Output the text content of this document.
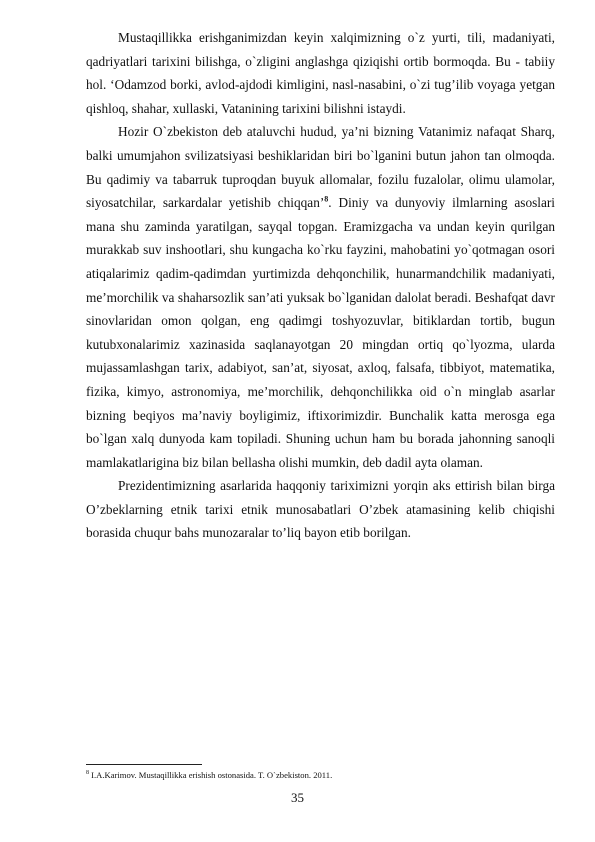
Mustaqillikka erishganimizdan keyin xalqimizning o`z yurti, tili, madaniyati, qadriyatlari tarixini bilishga, o`zligini anglashga qiziqishi ortib bormoqda. Bu - tabiiy hol. ‘Odamzod borki, avlod-ajdodi kimligini, nasl-nasabini, o`zi tug’ilib voyaga yetgan qishloq, shahar, xullaski, Vatanining tarixini bilishni istaydi.

Hozir O`zbekiston deb ataluvchi hudud, ya’ni bizning Vatanimiz nafaqat Sharq, balki umumjahon svilizatsiyasi beshiklaridan biri bo`lganini butun jahon tan olmoqda. Bu qadimiy va tabarruk tuproqdan buyuk allomalar, fozilu fuzalolar, olimu ulamolar, siyosatchilar, sarkardalar yetishib chiqqan’$^8$. Diniy va dunyoviy ilmlarning asoslari mana shu zaminda yaratilgan, sayqal topgan. Eramizgacha va undan keyin qurilgan murakkab suv inshootlari, shu kungacha ko`rku fayzini, mahobatini yo`qotmagan osori atiqalarimiz qadim-qadimdan yurtimizda dehqonchilik, hunarmandchilik madaniyati, me’morchilik va shaharsozlik san’ati yuksak bo`lganidan dalolat beradi. Beshafqat davr sinovlaridan omon qolgan, eng qadimgi toshyozuvlar, bitiklardan tortib, bugun kutubxonalarimiz xazinasida saqlanayotgan 20 mingdan ortiq qo`lyozma, ularda mujassamlashgan tarix, adabiyot, san’at, siyosat, axloq, falsafa, tibbiyot, matematika, fizika, kimyo, astronomiya, me’morchilik, dehqonchilikka oid o`n minglab asarlar bizning beqiyos ma’naviy boyligimiz, iftixorimizdir. Bunchalik katta merosga ega bo`lgan xalq dunyoda kam topiladi. Shuning uchun ham bu borada jahonning sanoqli mamlakatlarigina biz bilan bellasha olishi mumkin, deb dadil ayta olaman.

Prezidentimizning asarlarida haqqoniy tariximizni yorqin aks ettirish bilan birga O’zbeklarning etnik tarixi etnik munosabatlari O’zbek atamasining kelib chiqishi borasida chuqur bahs munozaralar to’liq bayon etib borilgan.

$^8$ I.A.Karimov. Mustaqillikka erishish ostonasida. T. O`zbekiston. 2011.
35
